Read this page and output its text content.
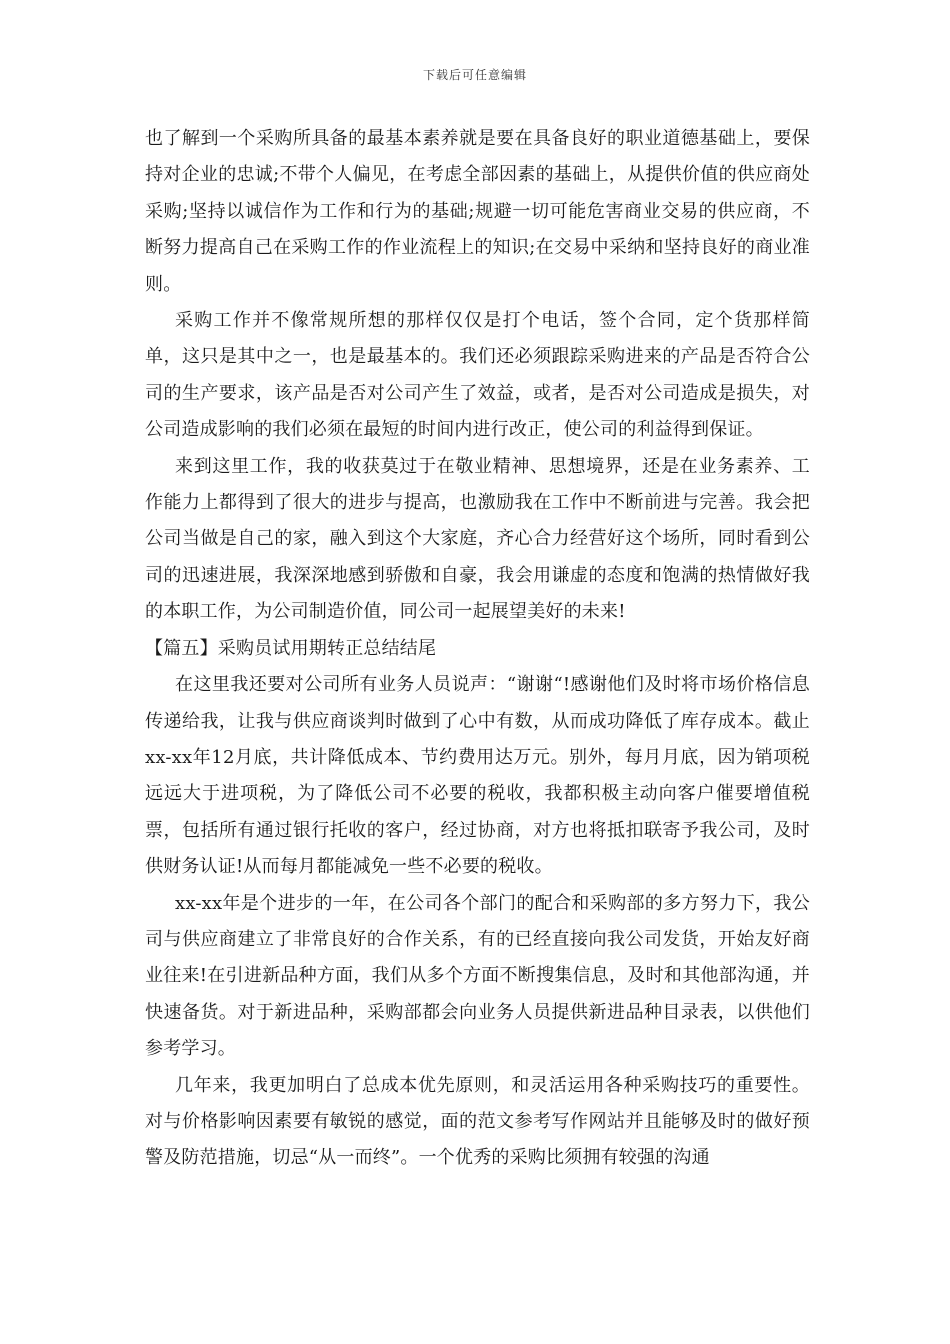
下载后可任意编辑

也了解到一个采购所具备的最基本素养就是要在具备良好的职业道德基础上，要保持对企业的忠诚;不带个人偏见，在考虑全部因素的基础上，从提供价值的供应商处采购;坚持以诚信作为工作和行为的基础;规避一切可能危害商业交易的供应商，不断努力提高自己在采购工作的作业流程上的知识;在交易中采纳和坚持良好的商业准则。

采购工作并不像常规所想的那样仅仅是打个电话，签个合同，定个货那样简单，这只是其中之一，也是最基本的。我们还必须跟踪采购进来的产品是否符合公司的生产要求，该产品是否对公司产生了效益，或者，是否对公司造成是损失，对公司造成影响的我们必须在最短的时间内进行改正，使公司的利益得到保证。

来到这里工作，我的收获莫过于在敬业精神、思想境界，还是在业务素养、工作能力上都得到了很大的进步与提高，也激励我在工作中不断前进与完善。我会把公司当做是自己的家，融入到这个大家庭，齐心合力经营好这个场所，同时看到公司的迅速进展，我深深地感到骄傲和自豪，我会用谦虚的态度和饱满的热情做好我的本职工作，为公司制造价值，同公司一起展望美好的未来!

【篇五】采购员试用期转正总结结尾

在这里我还要对公司所有业务人员说声：“谢谢“!感谢他们及时将市场价格信息传递给我，让我与供应商谈判时做到了心中有数，从而成功降低了库存成本。截止xx-xx年12月底，共计降低成本、节约费用达万元。别外，每月月底，因为销项税远远大于进项税，为了降低公司不必要的税收，我都积极主动向客户催要增值税票，包括所有通过银行托收的客户，经过协商，对方也将抵扣联寄予我公司，及时供财务认证!从而每月都能减免一些不必要的税收。

xx-xx年是个进步的一年，在公司各个部门的配合和采购部的多方努力下，我公司与供应商建立了非常良好的合作关系，有的已经直接向我公司发货，开始友好商业往来!在引进新品种方面，我们从多个方面不断搜集信息，及时和其他部沟通，并快速备货。对于新进品种，采购部都会向业务人员提供新进品种目录表，以供他们参考学习。

几年来，我更加明白了总成本优先原则，和灵活运用各种采购技巧的重要性。对与价格影响因素要有敏锐的感觉，面的范文参考写作网站并且能够及时的做好预警及防范措施，切忌“从一而终”。一个优秀的采购比须拥有较强的沟通
